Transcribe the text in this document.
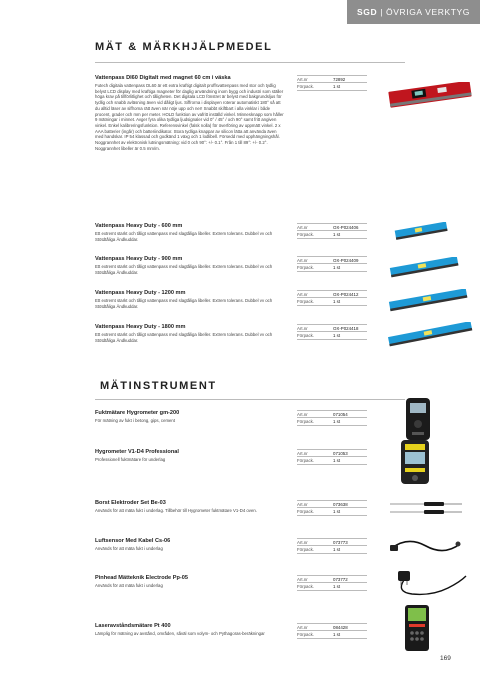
SGD | ÖVRIGA VERKTYG
MÄT & MÄRKHJÄLPMEDEL
Vattenpass Dl60 Digitalt med magnet 60 cm i väska
Futech digitala vattenpass DL60 är ett extra kraftigt digitalt proffsvattenpass med stor och tydlig belyst LCD display med kraftiga magneter för daglig användning inom bygg och industri som ställer höga krav på tillförlitlighet och tåligheten. Det digitala LCD fönstret är belyst med bakgrundsljus för tydlig och snabb avläsning även vid dåligt ljus. Siffrorna i displayen roterar automatiskt 180° så att du alltid läser av siffrorna rätt även när nöje upp och ner! Snabbt skiftbart i alla vinklar i både procent, grader och mm per meter. HOLD funktion av vafritt inställd vinkel. Minnesknapp som håller 9 mätningar i minnet. Avger fyra olika tydliga ljudsignaler vid 0° / 45° / och 90° samt fritt angiven vinkel. Enkel kalibreringsfunktion. Referensvinkel (falsk nolla) för överföring av uppmätt vinkel. 2 x AAA batterier (ingår) och batteriindikator. Stora tydliga knappar av silicon lätta att använda även med handskar. IP 54 klassad och godkänd 1 växg och 1 lodlibell. Försedd med upphängningshål. Noggrannhet av elektronisk lutningsmätning: vid 0 och 90°: +/- 0.1°. Från 1 till 89°: +/- 0.2°. Noggrannhet libeller är 0.5 mm/m.
Art.nr	72892
Förpack.	1 st
Vattenpass Heavy Duty - 600 mm
Ett extremt starkt och tåligt vattenpass med slagtåliga libeller. Extrem tolerans. Dubbel vv och Stötdtåliga Ändkuddar.
Art.nr	OX-P024406
Förpack.	1 st
Vattenpass Heavy Duty - 900 mm
Ett extremt starkt och tåligt vattenpass med slagtåliga libeller. Extrem tolerans. Dubbel vv och Stötdtåliga Ändkuddar.
Art.nr	OX-P024409
Förpack.	1 st
Vattenpass Heavy Duty - 1200 mm
Ett extremt starkt och tåligt vattenpass med slagtåliga libeller. Extrem tolerans. Dubbel vv och Stötdtåliga Ändkuddar.
Art.nr	OX-P024412
Förpack.	1 st
Vattenpass Heavy Duty - 1800 mm
Ett extremt starkt och tåligt vattenpass med slagtåliga libeller. Extrem tolerans. Dubbel vv och Stötdtåliga Ändkuddar.
Art.nr	OX-P024418
Förpack.	1 st
MÄTINSTRUMENT
Fuktmätare Hygrometer gm-200
För mätning av fukt i betong, gips, cement
Art.nr	071054
Förpack.	1 st
Hygrometer V1-D4 Professional
Professionell fuktmätare för underlag
Art.nr	071053
Förpack.	1 st
Borst Elektroder Set Be-03
Används för att mäta fukt i underlag. Tillbehör till Hygrometer fuktmätare V1-D4 oven.
Art.nr	073638
Förpack.	1 st
Luftsensor Med Kabel Cs-06
Används för att mäta fukt i underlag
Art.nr	073773
Förpack.	1 st
Pinhead Mätteknik Electrode Pp-05
Används för att mäta fukt i underlag
Art.nr	073772
Förpack.	1 st
Laseravståndsmätare Pt 400
Lämplig för mätning av avstånd, områden, såväl som volym- och Pythagoras-beräkningar
Art.nr	084428
Förpack.	1 st
169
